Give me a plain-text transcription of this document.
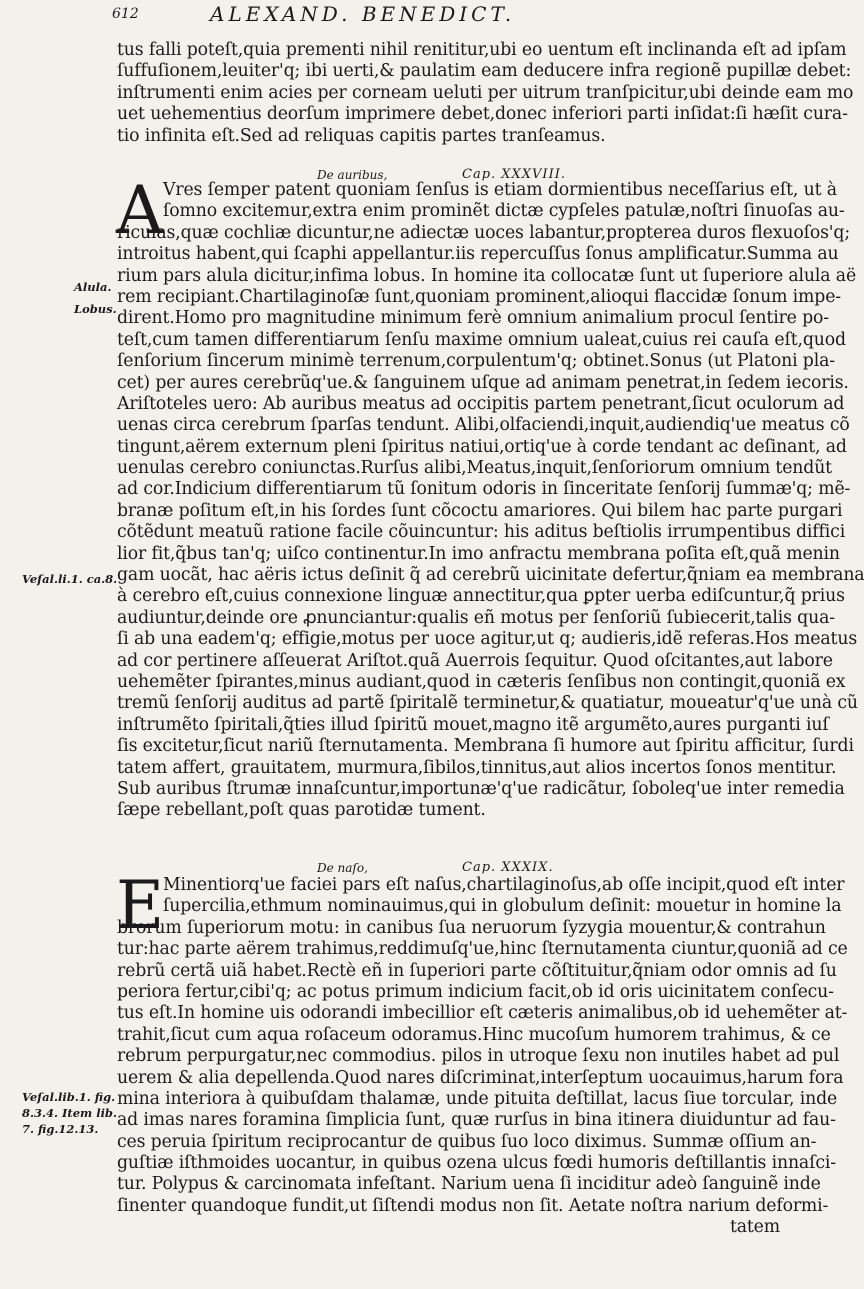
612	ALEXAND. BENEDICT.
tus falli poteſt,quia prementi nihil renititur,ubi eo uentum eſt inclinanda eſt ad ipſam
ſuffuſionem,leuiter'q; ibi uerti,& paulatim eam deducere infra regionẽ pupillæ debet:
inſtrumenti enim acies per corneam ueluti per uitrum tranſpicitur,ubi deinde eam mo
uet uehementius deorſum imprimere debet,donec inferiori parti inſidat:ſi hæſit cura-
tio infinita eſt.Sed ad reliquas capitis partes tranſeamus.
De auribus,	Cap. XXXVIII.
A Vres ſemper patent quoniam ſenſus is etiam dormientibus neceſſarius eſt, ut à
ſomno excitemur,extra enim prominẽt dictæ cypſeles patulæ,noſtri ſinuoſas au-
riculas,quæ cochliæ dicuntur,ne adiectæ uoces labantur,propterea duros flexuoſos'q;
introitus habent,qui ſcaphi appellantur.iis repercuſſus ſonus amplificatur.Summa au
rium pars alula dicitur,infima lobus. In homine ita collocatæ ſunt ut ſuperiore alula aë
rem recipiant.Chartilaginoſæ ſunt,quoniam prominent,alioqui flaccidæ ſonum impe-
dirent.Homo pro magnitudine minimum ferè omnium animalium procul ſentire po-
teſt,cum tamen differentiarum ſenſu maxime omnium ualeat,cuius rei cauſa eſt,quod
ſenſorium ſincerum minimè terrenum,corpulentum'q; obtinet.Sonus (ut Platoni pla-
cet) per aures cerebrũq'ue.& ſanguinem uſque ad animam penetrat,in ſedem iecoris.
Ariſtoteles uero: Ab auribus meatus ad occipitis partem penetrant,ſicut oculorum ad
uenas circa cerebrum ſparſas tendunt. Alibi,olfaciendi,inquit,audiendiq'ue meatus cõ
tingunt,aërem externum pleni ſpiritus natiui,ortiq'ue à corde tendant ac deſinant, ad
uenulas cerebro coniunctas.Rurſus alibi,Meatus,inquit,ſenſoriorum omnium tendũt
ad cor.Indicium differentiarum tũ ſonitum odoris in ſinceritate ſenſorij ſummæ'q; mẽ-
branæ poſitum eſt,in his ſordes ſunt cõcoctu amariores. Qui bilem hac parte purgari
cõtẽdunt meatuũ ratione facile cõuincuntur: his aditus beſtiolis irrumpentibus diffici
lior fit,q̃bus tan'q; uiſco continentur.In imo anfractu membrana poſita eſt,quã menin
gam uocãt, hac aëris ictus deſinit q̃ ad cerebrũ uicinitate defertur,q̃niam ea membrana
à cerebro eſt,cuius connexione linguæ annectitur,qua ꝑpter uerba ediſcuntur,q̃ prius
audiuntur,deinde ore ꝓnunciantur:qualis eñ motus per ſenſoriũ ſubiecerit,talis qua-
ſi ab una eadem'q; effigie,motus per uoce agitur,ut q; audieris,idẽ referas.Hos meatus
ad cor pertinere aſſeuerat Ariſtot.quã Auerrois ſequitur. Quod oſcitantes,aut labore
uehemẽter ſpirantes,minus audiant,quod in cæteris ſenſibus non contingit,quoniã ex
tremũ ſenſorij auditus ad partẽ ſpiritalẽ terminetur,& quatiatur, moueatur'q'ue unà cũ
inſtrumẽto ſpiritali,q̃ties illud ſpiritũ mouet,magno itẽ argumẽto,aures purganti iuſ
ſis excitetur,ſicut nariũ ſternutamenta. Membrana ſi humore aut ſpiritu afficitur, ſurdi
tatem affert, grauitatem, murmura,ſibilos,tinnitus,aut alios incertos ſonos mentitur.
Sub auribus ſtrumæ innaſcuntur,importunæ'q'ue radicãtur, ſoboleq'ue inter remedia
ſæpe rebellant,poſt quas parotidæ tument.
De naſo,	Cap. XXXIX.
E
Minentiorq'ue faciei pars eſt naſus,chartilaginoſus,ab oſſe incipit,quod eſt inter
ſupercilia,ethmum nominauimus,qui in globulum deſinit: mouetur in homine la
brorum ſuperiorum motu: in canibus ſua neruorum ſyzygia mouentur,& contrahun
tur:hac parte aërem trahimus,reddimuſq'ue,hinc ſternutamenta ciuntur,quoniã ad ce
rebrũ certã uiã habet.Rectè eñ in ſuperiori parte cõſtituitur,q̃niam odor omnis ad ſu
periora fertur,cibi'q; ac potus primum indicium facit,ob id oris uicinitatem conſecu-
tus eſt.In homine uis odorandi imbecillior eſt cæteris animalibus,ob id uehemẽter at-
trahit,ſicut cum aqua roſaceum odoramus.Hinc mucoſum humorem trahimus, & ce
rebrum perpurgatur,nec commodius. pilos in utroque ſexu non inutiles habet ad pul
uerem & alia depellenda.Quod nares diſcriminat,interſeptum uocauimus,harum fora
mina interiora à quibuſdam thalamæ, unde pituita deſtillat, lacus ſiue torcular, inde
ad imas nares foramina ſimplicia ſunt, quæ rurſus in bina itinera diuiduntur ad fau-
ces peruia ſpiritum reciprocantur de quibus ſuo loco diximus. Summæ oſſium an-
guſtiæ iſthmoides uocantur, in quibus ozena ulcus fœdi humoris deſtillantis innaſci-
tur. Polypus & carcinomata infeſtant. Narium uena ſi inciditur adeò ſanguinẽ inde
ſinenter quandoque fundit,ut ſiſtendi modus non ſit. Aetate noſtra narium deformi-
tatem
Alula.
Lobus.
Veſal.li.1. ca.8.
Veſal.lib.1. fig.
8.3.4. Item lib.
7. fig.12.13.
